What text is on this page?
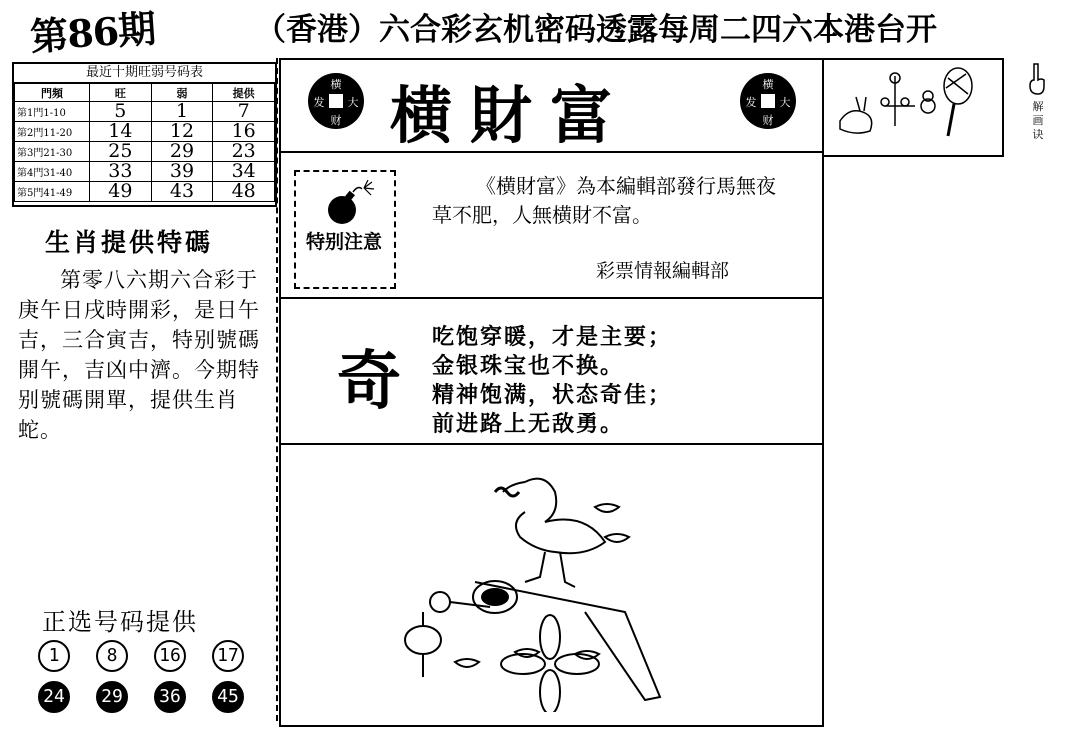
第86期	（香港）六合彩玄机密码透露每周二四六本港台开
最近十期旺弱号码表
門頻	旺	弱	提供
第1門1-10	5	1	7
第2門11-20	14	12	16
第3門21-30	25	29	23
第4門31-40	33	39	34
第5門41-49	49	43	48
生肖提供特碼
第零八六期六合彩于庚午日戌時開彩，是日午吉，三合寅吉，特别號碼開午，吉凶中濟。今期特别號碼開單，提供生肖蛇。
正选号码提供
1	8	16 17
24 29 36 45
横
发 大
财
横
发 大
财
横財富
特别注意
《横財富》為本編輯部發行馬無夜草不肥，人無横財不富。
彩票情報編輯部
奇
吃饱穿暖，才是主要；
金银珠宝也不换。
精神饱满，状态奇佳；
前进路上无敌勇。
解画诀
